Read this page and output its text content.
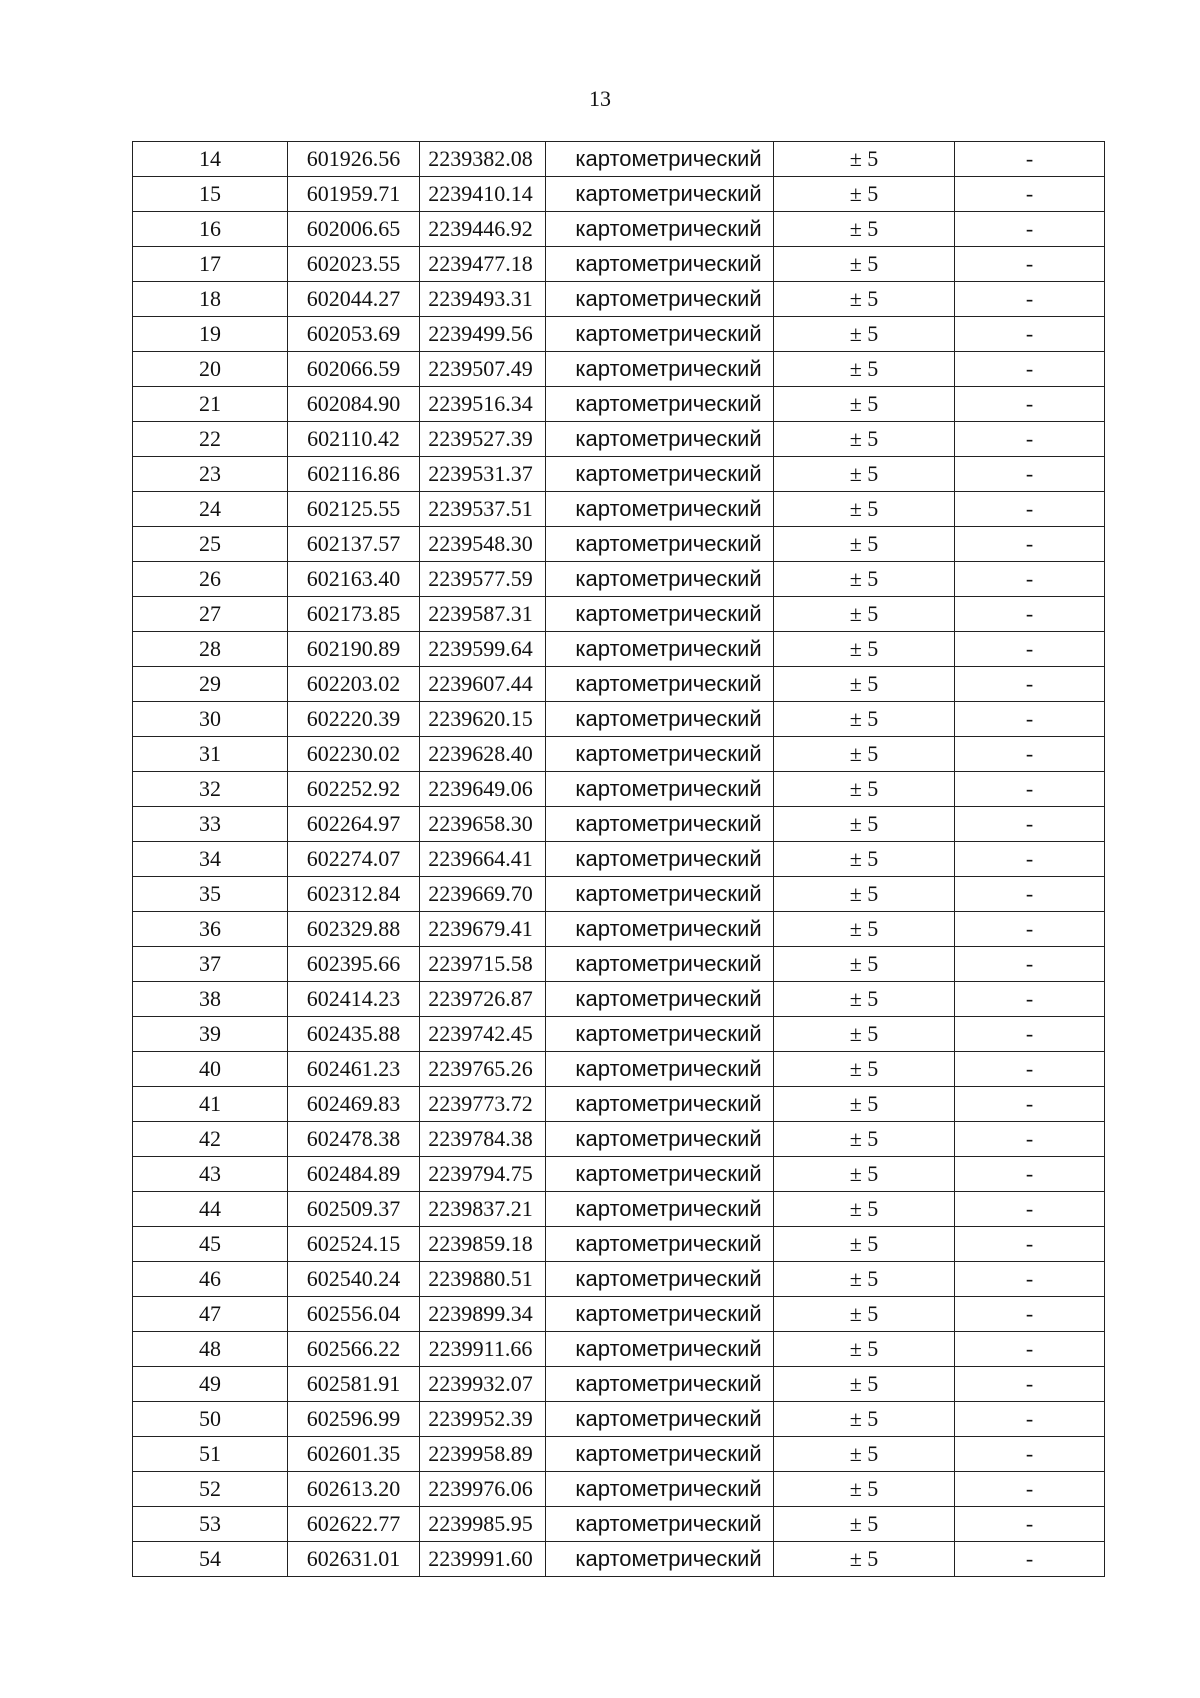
13
14	601926.56	2239382.08	картометрический	± 5	-
15	601959.71	2239410.14	картометрический	± 5	-
16	602006.65	2239446.92	картометрический	± 5	-
17	602023.55	2239477.18	картометрический	± 5	-
18	602044.27	2239493.31	картометрический	± 5	-
19	602053.69	2239499.56	картометрический	± 5	-
20	602066.59	2239507.49	картометрический	± 5	-
21	602084.90	2239516.34	картометрический	± 5	-
22	602110.42	2239527.39	картометрический	± 5	-
23	602116.86	2239531.37	картометрический	± 5	-
24	602125.55	2239537.51	картометрический	± 5	-
25	602137.57	2239548.30	картометрический	± 5	-
26	602163.40	2239577.59	картометрический	± 5	-
27	602173.85	2239587.31	картометрический	± 5	-
28	602190.89	2239599.64	картометрический	± 5	-
29	602203.02	2239607.44	картометрический	± 5	-
30	602220.39	2239620.15	картометрический	± 5	-
31	602230.02	2239628.40	картометрический	± 5	-
32	602252.92	2239649.06	картометрический	± 5	-
33	602264.97	2239658.30	картометрический	± 5	-
34	602274.07	2239664.41	картометрический	± 5	-
35	602312.84	2239669.70	картометрический	± 5	-
36	602329.88	2239679.41	картометрический	± 5	-
37	602395.66	2239715.58	картометрический	± 5	-
38	602414.23	2239726.87	картометрический	± 5	-
39	602435.88	2239742.45	картометрический	± 5	-
40	602461.23	2239765.26	картометрический	± 5	-
41	602469.83	2239773.72	картометрический	± 5	-
42	602478.38	2239784.38	картометрический	± 5	-
43	602484.89	2239794.75	картометрический	± 5	-
44	602509.37	2239837.21	картометрический	± 5	-
45	602524.15	2239859.18	картометрический	± 5	-
46	602540.24	2239880.51	картометрический	± 5	-
47	602556.04	2239899.34	картометрический	± 5	-
48	602566.22	2239911.66	картометрический	± 5	-
49	602581.91	2239932.07	картометрический	± 5	-
50	602596.99	2239952.39	картометрический	± 5	-
51	602601.35	2239958.89	картометрический	± 5	-
52	602613.20	2239976.06	картометрический	± 5	-
53	602622.77	2239985.95	картометрический	± 5	-
54	602631.01	2239991.60	картометрический	± 5	-
